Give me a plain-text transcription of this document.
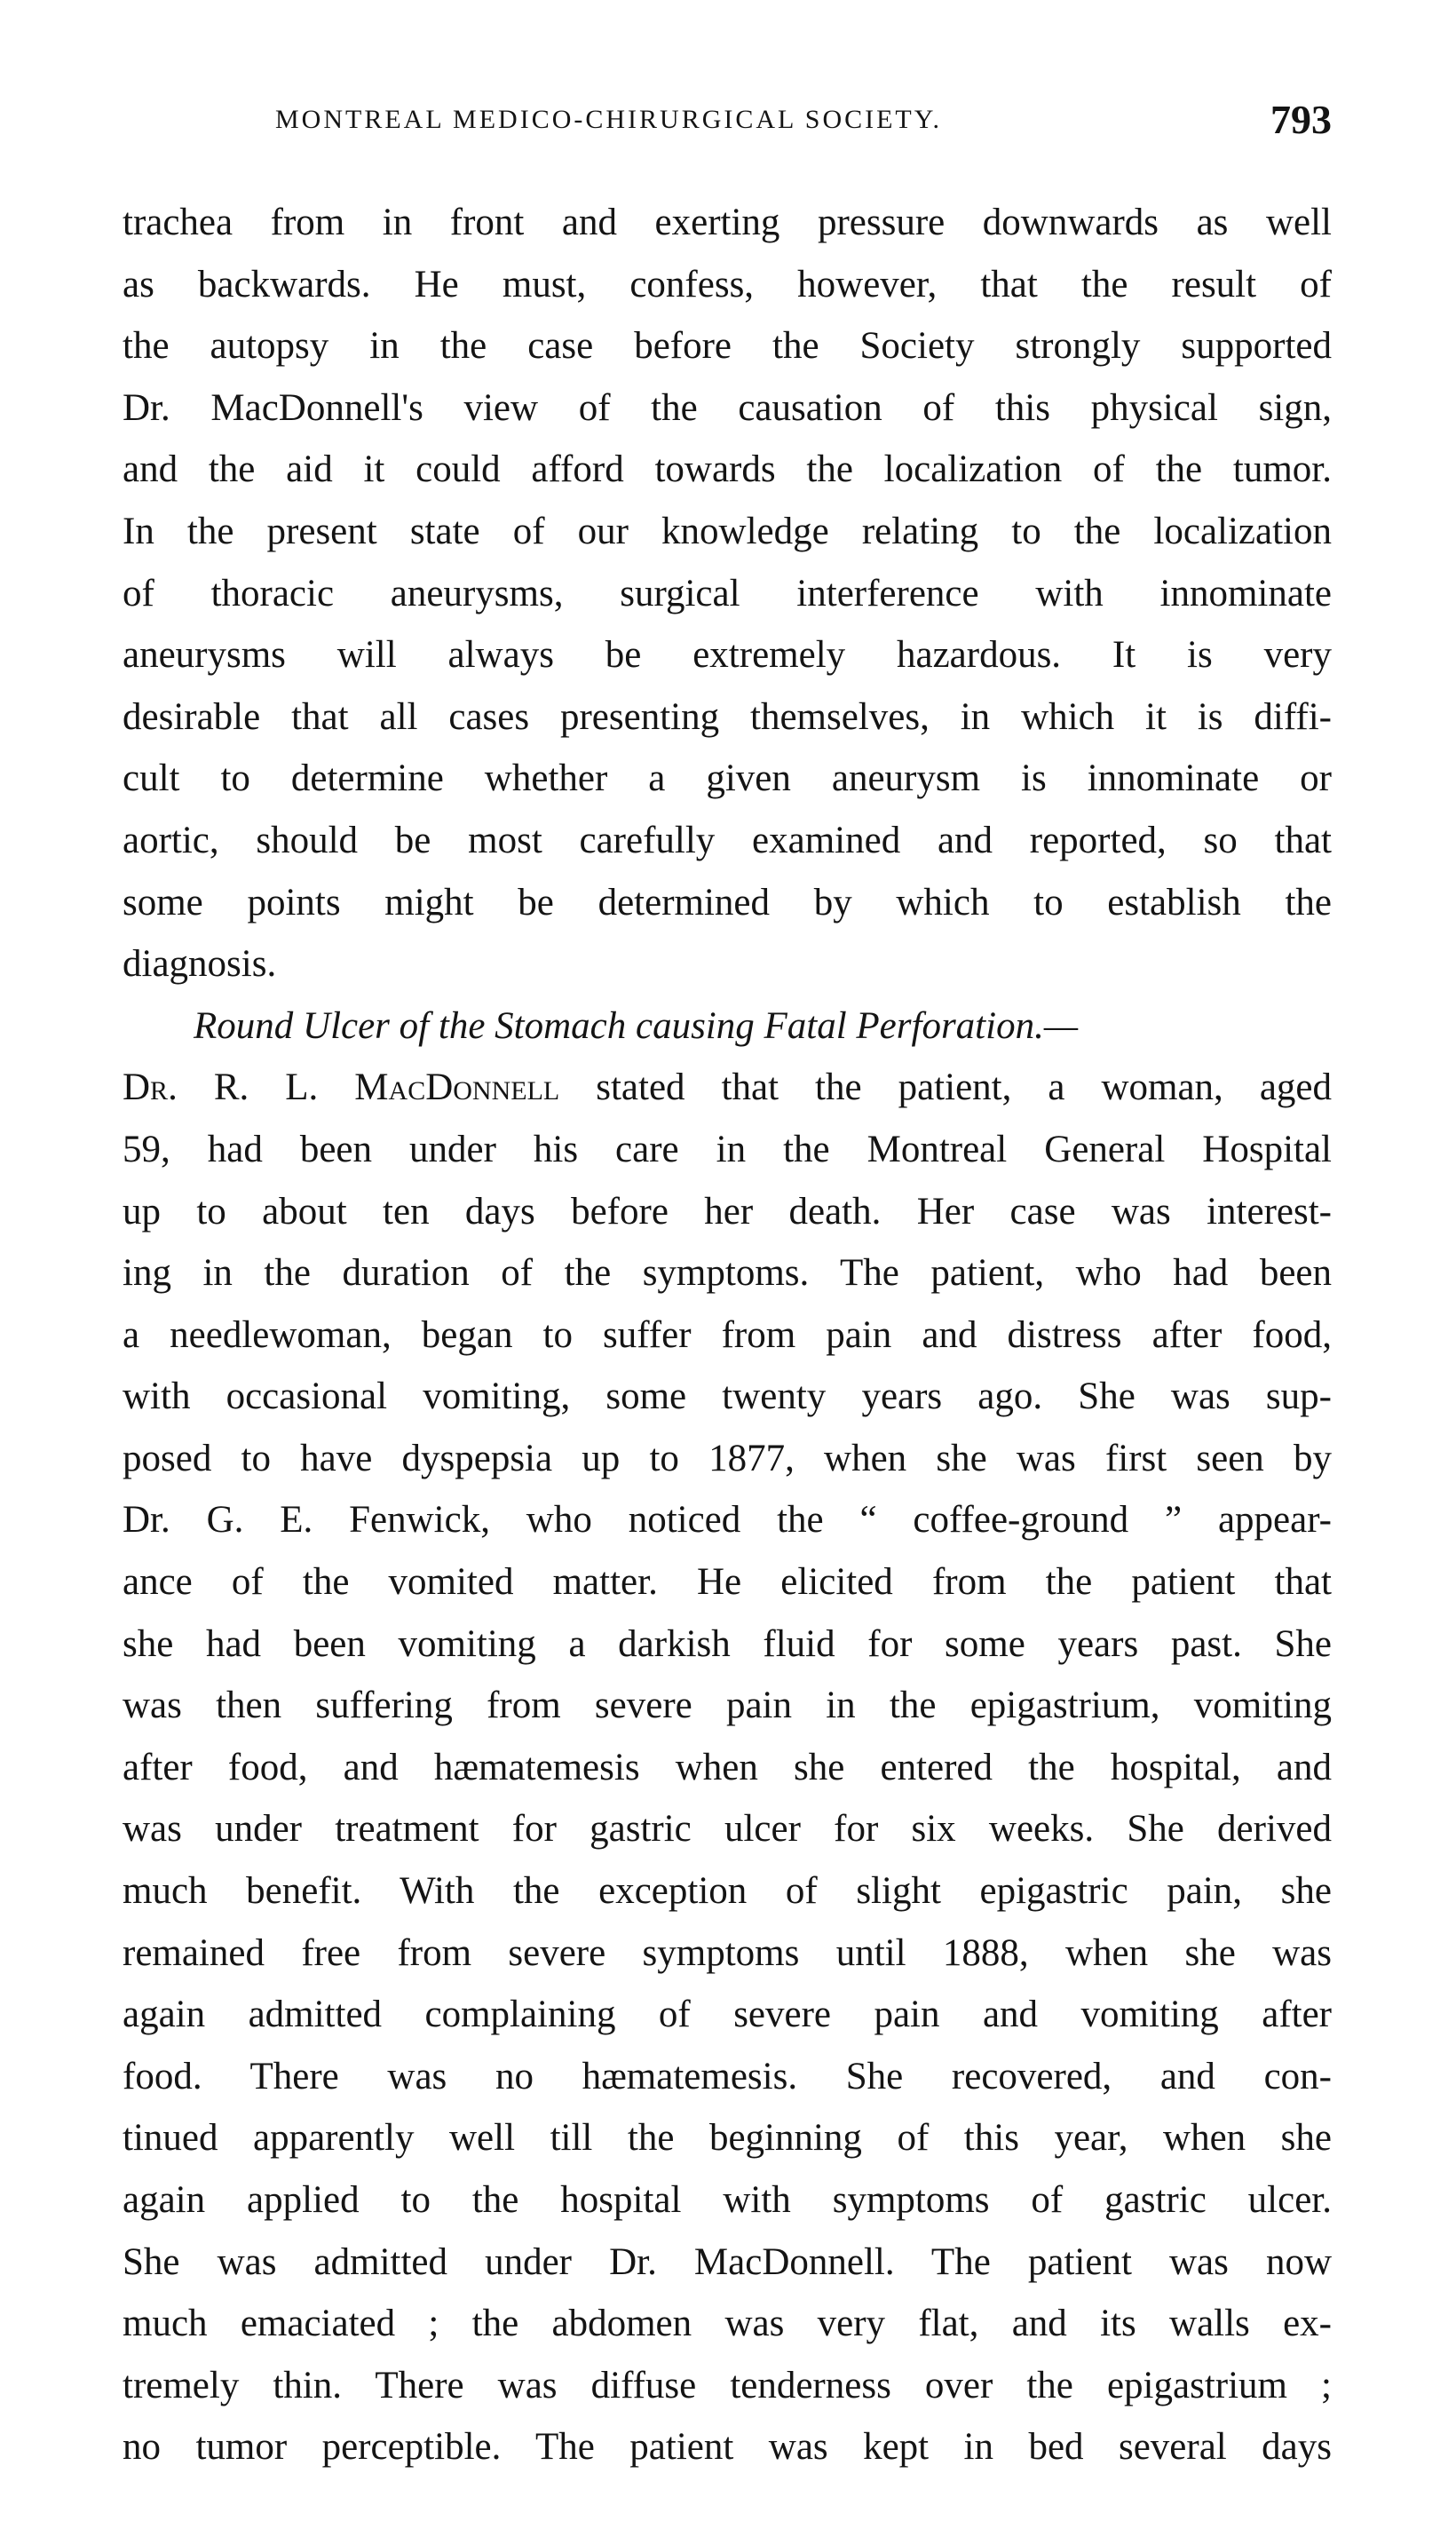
MONTREAL MEDICO-CHIRURGICAL SOCIETY.	793
trachea from in front and exerting pressure downwards as well
as backwards. He must, confess, however, that the result of
the autopsy in the case before the Society strongly supported
Dr. MacDonnell's view of the causation of this physical sign,
and the aid it could afford towards the localization of the tumor.
In the present state of our knowledge relating to the localization
of thoracic aneurysms, surgical interference with innominate
aneurysms will always be extremely hazardous. It is very
desirable that all cases presenting themselves, in which it is diffi-
cult to determine whether a given aneurysm is innominate or
aortic, should be most carefully examined and reported, so that
some points might be determined by which to establish the
diagnosis.
Round Ulcer of the Stomach causing Fatal Perforation.—
Dr. R. L. MacDonnell stated that the patient, a woman, aged
59, had been under his care in the Montreal General Hospital
up to about ten days before her death. Her case was interest-
ing in the duration of the symptoms. The patient, who had been
a needlewoman, began to suffer from pain and distress after food,
with occasional vomiting, some twenty years ago. She was sup-
posed to have dyspepsia up to 1877, when she was first seen by
Dr. G. E. Fenwick, who noticed the “ coffee-ground ” appear-
ance of the vomited matter. He elicited from the patient that
she had been vomiting a darkish fluid for some years past. She
was then suffering from severe pain in the epigastrium, vomiting
after food, and hæmatemesis when she entered the hospital, and
was under treatment for gastric ulcer for six weeks. She derived
much benefit. With the exception of slight epigastric pain, she
remained free from severe symptoms until 1888, when she was
again admitted complaining of severe pain and vomiting after
food. There was no hæmatemesis. She recovered, and con-
tinued apparently well till the beginning of this year, when she
again applied to the hospital with symptoms of gastric ulcer.
She was admitted under Dr. MacDonnell. The patient was now
much emaciated ; the abdomen was very flat, and its walls ex-
tremely thin. There was diffuse tenderness over the epigastrium ;
no tumor perceptible. The patient was kept in bed several days
